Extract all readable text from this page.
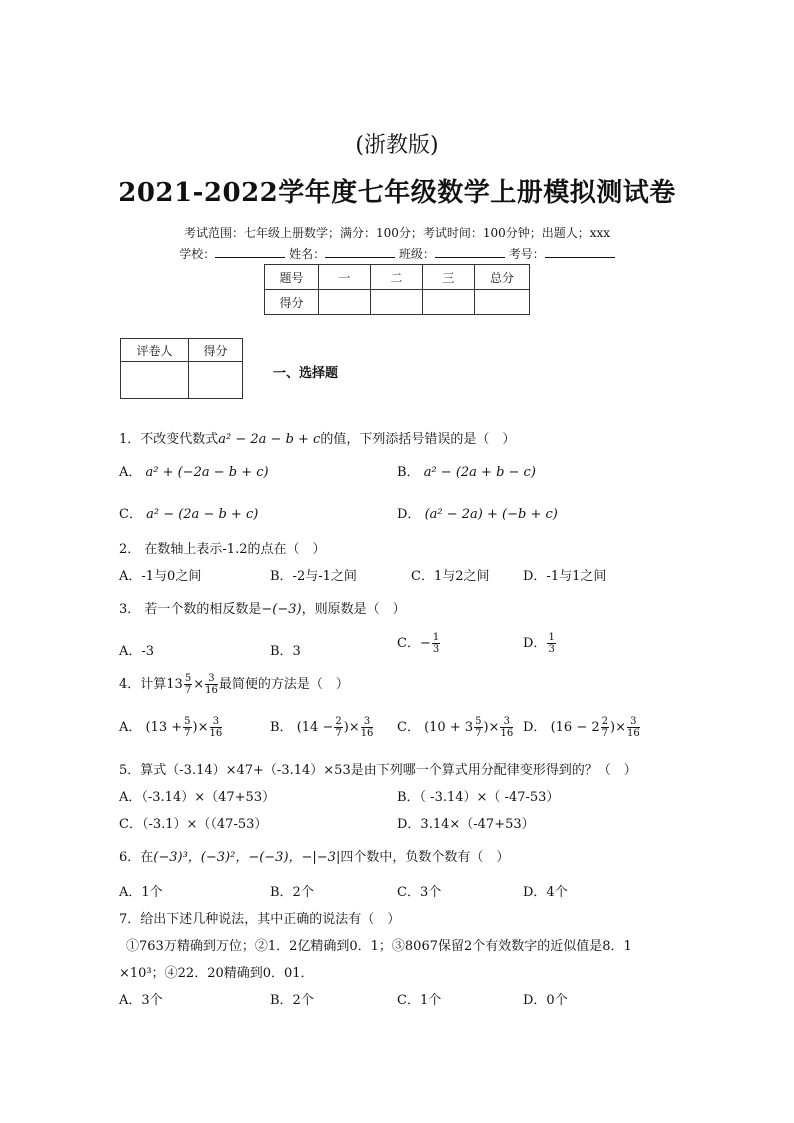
(浙教版)
2021-2022学年度七年级数学上册模拟测试卷
考试范围：七年级上册数学；满分：100分；考试时间：100分钟；出题人；xxx
学校：	姓名：	班级：	考号：
题号	一	二	三	总分
得分				
评卷人	得分

一、选择题
1．不改变代数式a² − 2a − b + c的值，下列添括号错误的是（　）
A． a² + (−2a − b + c)	B． a² − (2a + b − c)
C． a² − (2a − b + c)	D． (a² − 2a) + (−b + c)
2． 在数轴上表示-1.2的点在（　）
A．-1与0之间	B．-2与-1之间	C．1与2之间	D．-1与1之间
3． 若一个数的相反数是−(−3)，则原数是（　）
A．-3	B．3
C．− $\frac{1}{3}$	D． $\frac{1}{3}$
4．计算$13 \frac{5}{7} \times \frac{3}{16}$ 最简便的方法是（　）
A． ($13 + \frac{5}{7}$ )× $\frac{3}{16}$	B． ($14 - \frac{2}{7}$ )× $\frac{3}{16}$ C． ($10 + 3 \frac{5}{7}$ )× $\frac{3}{16}$ D． ($16 - 2 \frac{2}{7}$ )× $\frac{3}{16}$
5．算式（-3.14）×47+（-3.14）×53是由下列哪一个算式用分配律变形得到的？（　）
A．（-3.14）×（47+53）	B．（ -3.14）×（ -47-53）
C．（-3.1）×（（47-53）	D．3.14×（-47+53）
6．在(−3)³，(−3)²，−(−3)，−|−3|四个数中，负数个数有（　）
A．1个	B．2个	C．3个	D．4个
7．给出下述几种说法，其中正确的说法有（　）
①763万精确到万位；②1．2亿精确到0．1；③8067保留2个有效数字的近似值是8．1
×10³；④22．20精确到0．01．
A．3个	B．2个	C．1个	D．0个
